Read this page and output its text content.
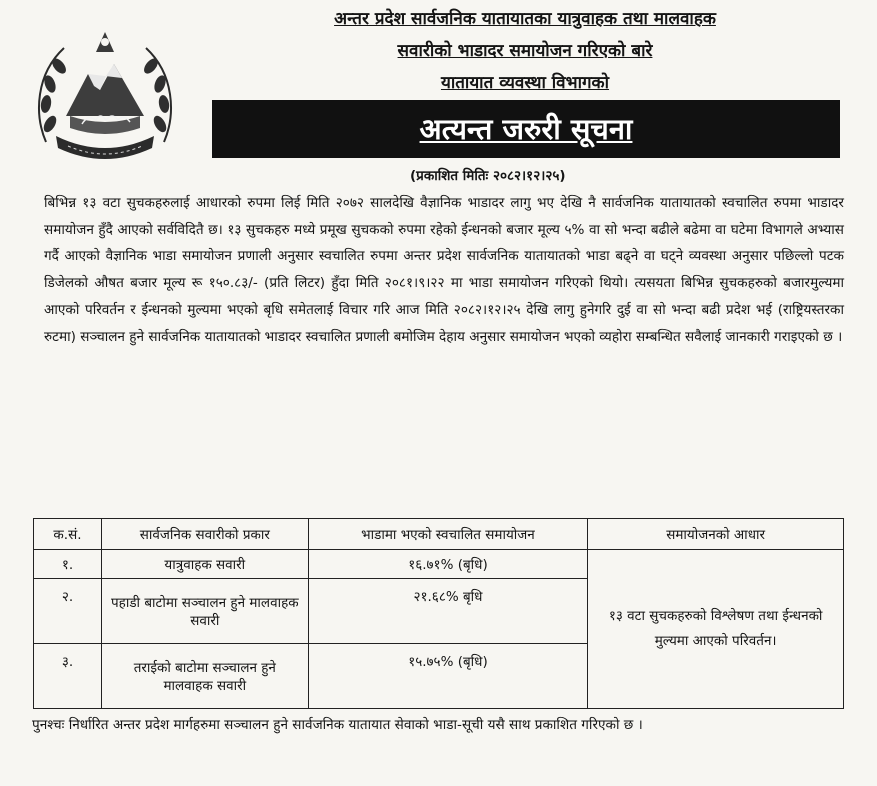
अन्तर प्रदेश सार्वजनिक यातायातका यात्रुवाहक तथा मालवाहक
सवारीको भाडादर समायोजन गरिएको बारे
यातायात व्यवस्था विभागको
अत्यन्त जरुरी सूचना
(प्रकाशित मितिः २०८२।१२।२५)

बिभिन्न १३ वटा सुचकहरुलाई आधारको रुपमा लिई मिति २०७२ सालदेखि वैज्ञानिक भाडादर लागु भए देखि नै सार्वजनिक यातायातको स्वचालित रुपमा भाडादर समायोजन हुँदै आएको सर्वविदितै छ। १३ सुचकहरु मध्ये प्रमूख सुचकको रुपमा रहेको ईन्धनको बजार मूल्य ५% वा सो भन्दा बढीले बढेमा वा घटेमा विभागले अभ्यास गर्दै आएको वैज्ञानिक भाडा समायोजन प्रणाली अनुसार स्वचालित रुपमा अन्तर प्रदेश सार्वजनिक यातायातको भाडा बढ्ने वा घट्ने व्यवस्था अनुसार पछिल्लो पटक डिजेलको औषत बजार मूल्य रू १५०.८३/- (प्रति लिटर) हुँदा मिति २०८१।९।२२ मा भाडा समायोजन गरिएको थियो। त्यसयता बिभिन्न सुचकहरुको बजारमुल्यमा आएको परिवर्तन र ईन्धनको मुल्यमा भएको बृधि समेतलाई विचार गरि आज मिति २०८२।१२।२५ देखि लागु हुनेगरि दुई वा सो भन्दा बढी प्रदेश भई (राष्ट्रियस्तरका रुटमा) सञ्चालन हुने सार्वजनिक यातायातको भाडादर स्वचालित प्रणाली बमोजिम देहाय अनुसार समायोजन भएको व्यहोरा सम्बन्धित सवैलाई जानकारी गराइएको छ ।

क.सं.	सार्वजनिक सवारीको प्रकार	भाडामा भएको स्वचालित समायोजन	समायोजनको आधार
१.	यात्रुवाहक सवारी	१६.७१% (बृधि)	१३ वटा सुचकहरुको विश्लेषण तथा ईन्धनको मुल्यमा आएको परिवर्तन।
२.	पहाडी बाटोमा सञ्चालन हुने मालवाहक सवारी	२१.६८% बृधि	
३.	तराईको बाटोमा सञ्चालन हुने मालवाहक सवारी	१५.७५% (बृधि)	

पुनश्चः निर्धारित अन्तर प्रदेश मार्गहरुमा सञ्चालन हुने सार्वजनिक यातायात सेवाको भाडा-सूची यसै साथ प्रकाशित गरिएको छ ।
